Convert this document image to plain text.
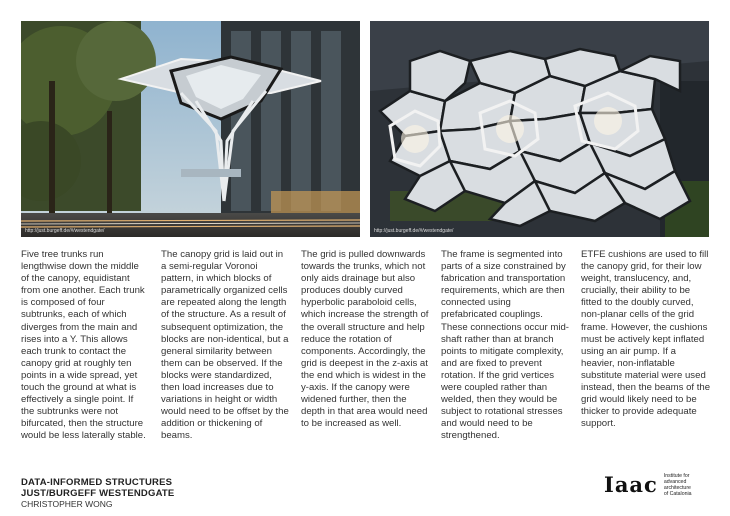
http://just.burgeff.de/#/westendgate/	http://just.burgeff.de/#/westendgate/

Five tree trunks run lengthwise down the middle of the canopy, equidistant from one another. Each trunk is composed of four subtrunks, each of which diverges from the main and rises into a Y. This allows each trunk to contact the canopy grid at roughly ten points in a wide spread, yet touch the ground at what is effectively a single point. If the subtrunks were not bifurcated, then the structure would be less laterally stable.

The canopy grid is laid out in a semi-regular Voronoi pattern, in which blocks of parametrically organized cells are repeated along the length of the structure. As a result of subsequent optimization, the blocks are non-identical, but a general similarity between them can be observed. If the blocks were standardized, then load increases due to variations in height or width would need to be offset by the addition or thickening of beams.

The grid is pulled downwards towards the trunks, which not only aids drainage but also produces doubly curved hyperbolic paraboloid cells, which increase the strength of the overall structure and help reduce the rotation of components. Accordingly, the grid is deepest in the z-axis at the end which is widest in the y-axis. If the canopy were widened further, then the depth in that area would need to be increased as well.

The frame is segmented into parts of a size constrained by fabrication and transportation requirements, which are then connected using prefabricated couplings. These connections occur mid-shaft rather than at branch points to mitigate complexity, and are fixed to prevent rotation. If the grid vertices were coupled rather than welded, then they would be subject to rotational stresses and would need to be strengthened.

ETFE cushions are used to fill the canopy grid, for their low weight, translucency, and, crucially, their ability to be fitted to the doubly curved, non-planar cells of the grid frame. However, the cushions must be actively kept inflated using an air pump. If a heavier, non-inflatable substitute material were used instead, then the beams of the grid would likely need to be thicker to provide adequate support.

DATA-INFORMED STRUCTURES
JUST/BURGEFF WESTENDGATE
CHRISTOPHER WONG
Iaac Institute for
advanced
architecture
of Catalonia
